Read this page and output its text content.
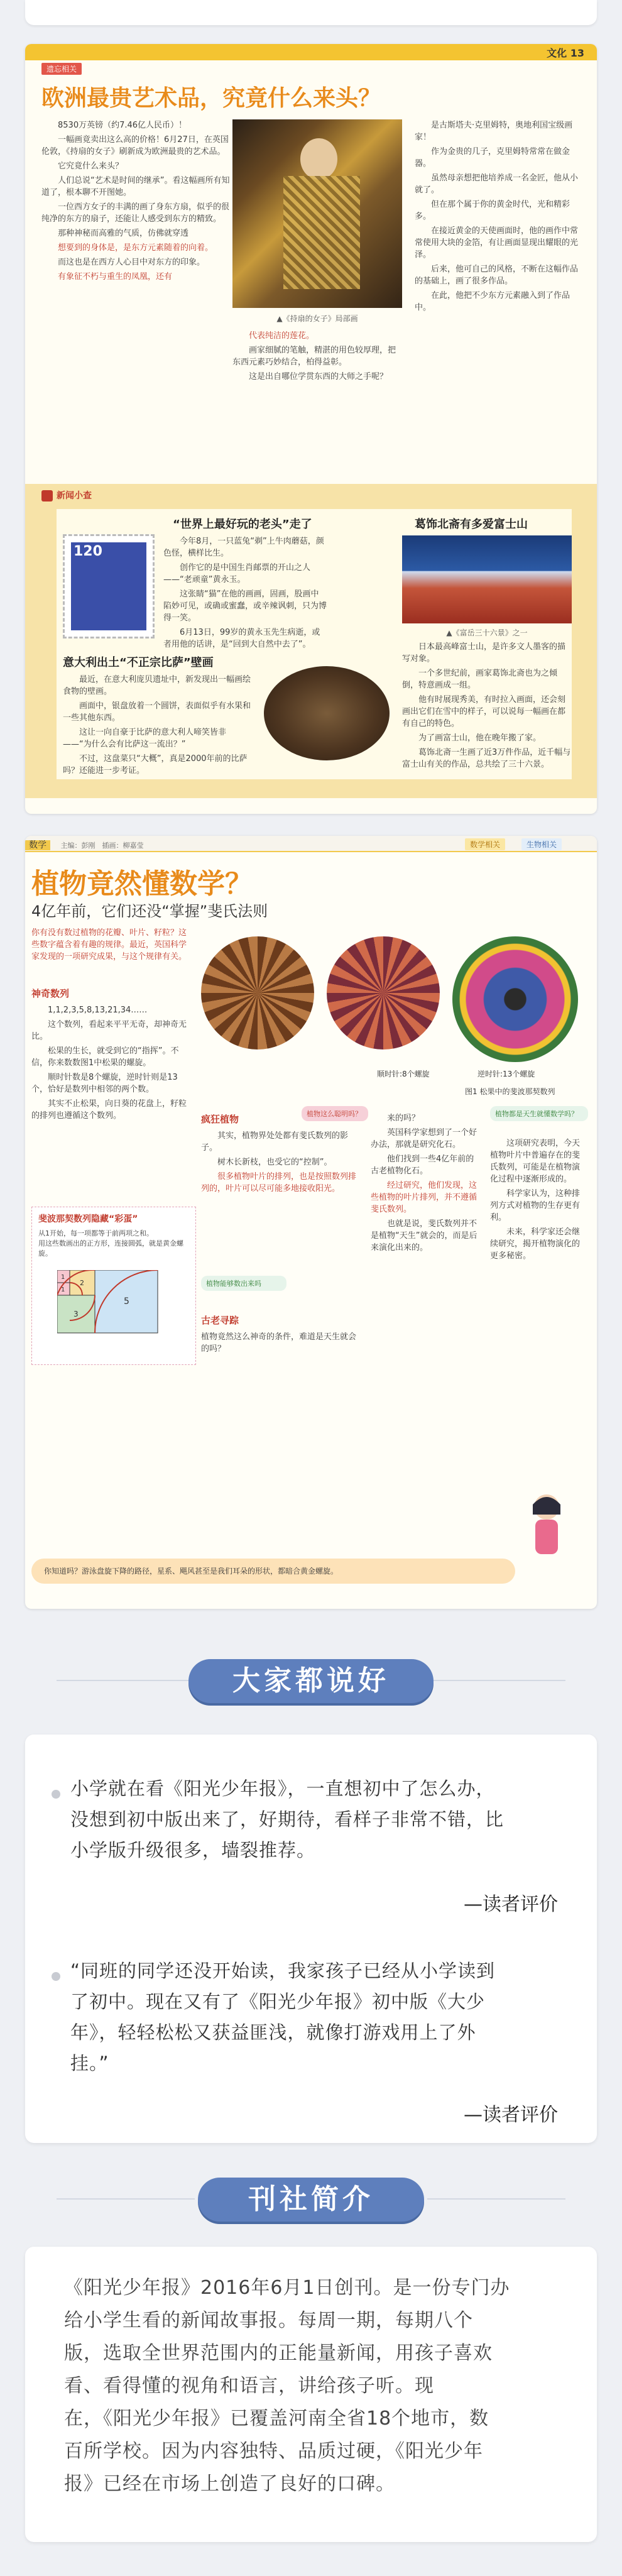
遗忘相关
文化 13
欧洲最贵艺术品，究竟什么来头？

8530万英镑（约7.46亿人民币）！

一幅画竟卖出这么高的价格！6月27日，在英国伦敦，《持扇的女子》刷新成为欧洲最贵的艺术品。

它究竟什么来头？

人们总说“艺术是时间的继承”。看这幅画所有知道了，根本聊不开图她。

一位西方女子的丰满的画了身东方扇，似乎的很纯净的东方的扇子，还能让人感受到东方的精致。

那种神秘而高雅的气质，仿佛就穿透

想要到的身体是，是东方元素随着的向着。

而这也是在西方人心目中对东方的印象。

有象征不朽与重生的凤凰，还有

▲《持扇的女子》局部画

代表纯洁的莲花。

画家细腻的笔触，精湛的用色较厚理，把东西元素巧妙结合，柏得益彰。

这是出自哪位学贯东西的大师之手呢？

是古斯塔夫·克里姆特，奥地利国宝级画家！

作为金贵的几子，克里姆特常常在做金器。

虽然母亲想把他培养成一名金匠，他从小就了。

但在那个属于你的黄金时代，光和精彩多。

在接近黄金的天使画面时，他的画作中常常使用大块的金箔，有让画面显现出耀眼的光泽。

后来，他可自己的风格，不断在这幅作品的基础上，画了很多作品。

在此，他把不少东方元素融入到了作品中。

新闻小查
120
“世界上最好玩的老头”走了

今年8月，一只蓝兔“剃”上牛肉蘑菇，颜色怪，横样比生。

创作它的是中国生肖邮票的开山之人——“老顽童”黄永玉。

这张睛“猫”在他的画画，固画，股画中陷妙可见，或确或蜜蠢，或辛辣讽刺，只为博得一笑。

6月13日，99岁的黄永玉先生病逝，或者用他的话讲，是“回到大自然中去了”。

葛饰北斋有多爱富士山
▲《富岳三十六景》之一

日本最高峰富士山，是许多文人墨客的描写对象。

一个多世纪前，画家葛饰北斋也为之倾倒，特意画成一组。

他有时展现秀美，有时拉入画面，还会刻画出它们在雪中的样子，可以说每一幅画在都有自己的特色。

为了画富士山，他在晚年搬了家。

葛饰北斋一生画了近3万件作品，近千幅与富士山有关的作品，总共绘了三十六景。

意大利出土“不正宗比萨”壁画

最近，在意大利庞贝遗址中，新发现出一幅画绘食物的壁画。

画面中，银盘放着一个圆饼，表面似乎有水果和一些其他东西。

这让一向自豪于比萨的意大利人啼笑皆非——“为什么会有比萨这一流出？”

不过，这盘菜只“大概”，真是2000年前的比萨吗？还能进一步考证。

数学 主编：彭刚　插画：柳嘉莹	数学相关	生物相关
植物竟然懂数学？
4亿年前，它们还没“掌握”斐氏法则
你有没有数过植物的花瓣、叶片、籽粒？这些数字蕴含着有趣的规律。最近，英国科学家发现的一项研究成果，与这个规律有关。
神奇数列

1,1,2,3,5,8,13,21,34……

这个数列，看起来平平无奇，却神奇无比。

松果的生长，就受到它的“指挥”。不信，你来数数图1中松果的螺旋。

顺时针数是8个螺旋，逆时针则是13个，恰好是数列中相邻的两个数。

其实不止松果，向日葵的花盘上，籽粒的排列也遵循这个数列。

斐波那契数列隐藏“彩蛋”
从1开始，每一项都等于前两项之和。
用这些数画出的正方形，连接圆弧，就是黄金螺旋。
1
1
2
3
5
顺时针:8个螺旋	逆时针:13个螺旋
图1 松果中的斐波那契数列
疯狂植物	植物这么聪明吗？

其实，植物界处处都有斐氏数列的影子。

树木长新枝，也受它的“控制”。

很多植物叶片的排列，也是按照数列排列的，叶片可以尽可能多地接收阳光。

植物能够数出来吗
古老寻踪
植物竟然这么神奇的条件，难道是天生就会的吗？

来的吗？

英国科学家想到了一个好办法，那就是研究化石。

他们找到一些4亿年前的古老植物化石。

经过研究，他们发现，这些植物的叶片排列，并不遵循斐氏数列。

也就是说，斐氏数列并不是植物“天生”就会的，而是后来演化出来的。

植物都是天生就懂数学吗？

这项研究表明，今天植物叶片中普遍存在的斐氏数列，可能是在植物演化过程中逐渐形成的。

科学家认为，这种排列方式对植物的生存更有利。

未来，科学家还会继续研究，揭开植物演化的更多秘密。

你知道吗？游泳盘旋下降的路径，星系、飓风甚至是我们耳朵的形状，都暗合黄金螺旋。
大家都说好
小学就在看《阳光少年报》，一直想初中了怎么办，
没想到初中版出来了，好期待，看样子非常不错，比
小学版升级很多，墙裂推荐。
—读者评价
“同班的同学还没开始读，我家孩子已经从小学读到
了初中。现在又有了《阳光少年报》初中版《大少
年》，轻轻松松又获益匪浅，就像打游戏用上了外
挂。”
—读者评价
刊社简介
《阳光少年报》2016年6月1日创刊。是一份专门办
给小学生看的新闻故事报。每周一期，每期八个
版，选取全世界范围内的正能量新闻，用孩子喜欢
看、看得懂的视角和语言，讲给孩子听。现
在，《阳光少年报》已覆盖河南全省18个地市，数
百所学校。因为内容独特、品质过硬，《阳光少年
报》已经在市场上创造了良好的口碑。
